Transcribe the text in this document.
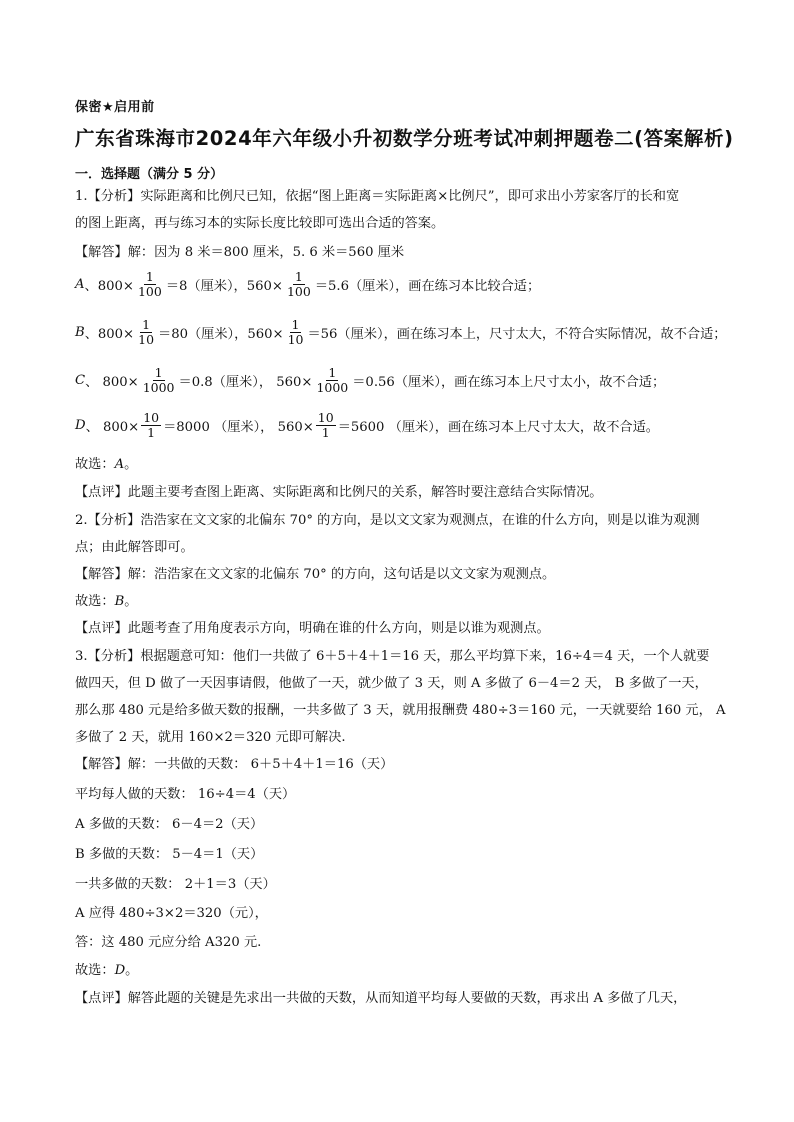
保密★启用前
广东省珠海市2024年六年级小升初数学分班考试冲刺押题卷二(答案解析)
一．选择题（满分 5 分）
1.【分析】实际距离和比例尺已知，依据“图上距离＝实际距离×比例尺”，即可求出小芳家客厅的长和宽
的图上距离，再与练习本的实际长度比较即可选出合适的答案。
【解答】解：因为 8 米＝800 厘米，5. 6 米＝560 厘米
A 、$800\times \frac{1}{100} =8$（厘米），$560\times \frac{1}{100} =5.6$（厘米），画在练习本比较合适；
B 、$800\times \frac{1}{10} =80$（厘米），$560\times \frac{1}{10} =56$（厘米），画在练习本上，尺寸太大，不符合实际情况，故不合适；
C 、 $800\times \frac{1}{1000} =0.8$（厘米）， $560\times \frac{1}{1000} =0.56$（厘米），画在练习本上尺寸太小，故不合适；
D 、 $800\times \frac{10}{1} =8000$ （厘米）， $560\times \frac{10}{1} =5600$ （厘米），画在练习本上尺寸太大，故不合适。
故选：A。
【点评】此题主要考查图上距离、实际距离和比例尺的关系，解答时要注意结合实际情况。
2.【分析】浩浩家在文文家的北偏东 70° 的方向，是以文文家为观测点，在谁的什么方向，则是以谁为观测
点；由此解答即可。
【解答】解：浩浩家在文文家的北偏东 70° 的方向，这句话是以文文家为观测点。
故选：B。
【点评】此题考查了用角度表示方向，明确在谁的什么方向，则是以谁为观测点。
3.【分析】根据题意可知：他们一共做了 6＋5＋4＋1＝16 天，那么平均算下来，16÷4＝4 天，一个人就要
做四天，但 D 做了一天因事请假，他做了一天，就少做了 3 天，则 A 多做了 6－4＝2 天， B 多做了一天，
那么那 480 元是给多做天数的报酬，一共多做了 3 天，就用报酬费 480÷3＝160 元，一天就要给 160 元， A
多做了 2 天，就用 160×2＝320 元即可解决.
【解答】解：一共做的天数： 6＋5＋4＋1＝16（天）
平均每人做的天数： 16÷4＝4（天）
A 多做的天数： 6－4＝2（天）
B 多做的天数： 5－4＝1（天）
一共多做的天数： 2＋1＝3（天）
A 应得 480÷3×2＝320（元），
答：这 480 元应分给 A320 元.
故选：D。
【点评】解答此题的关键是先求出一共做的天数，从而知道平均每人要做的天数，再求出 A 多做了几天，
